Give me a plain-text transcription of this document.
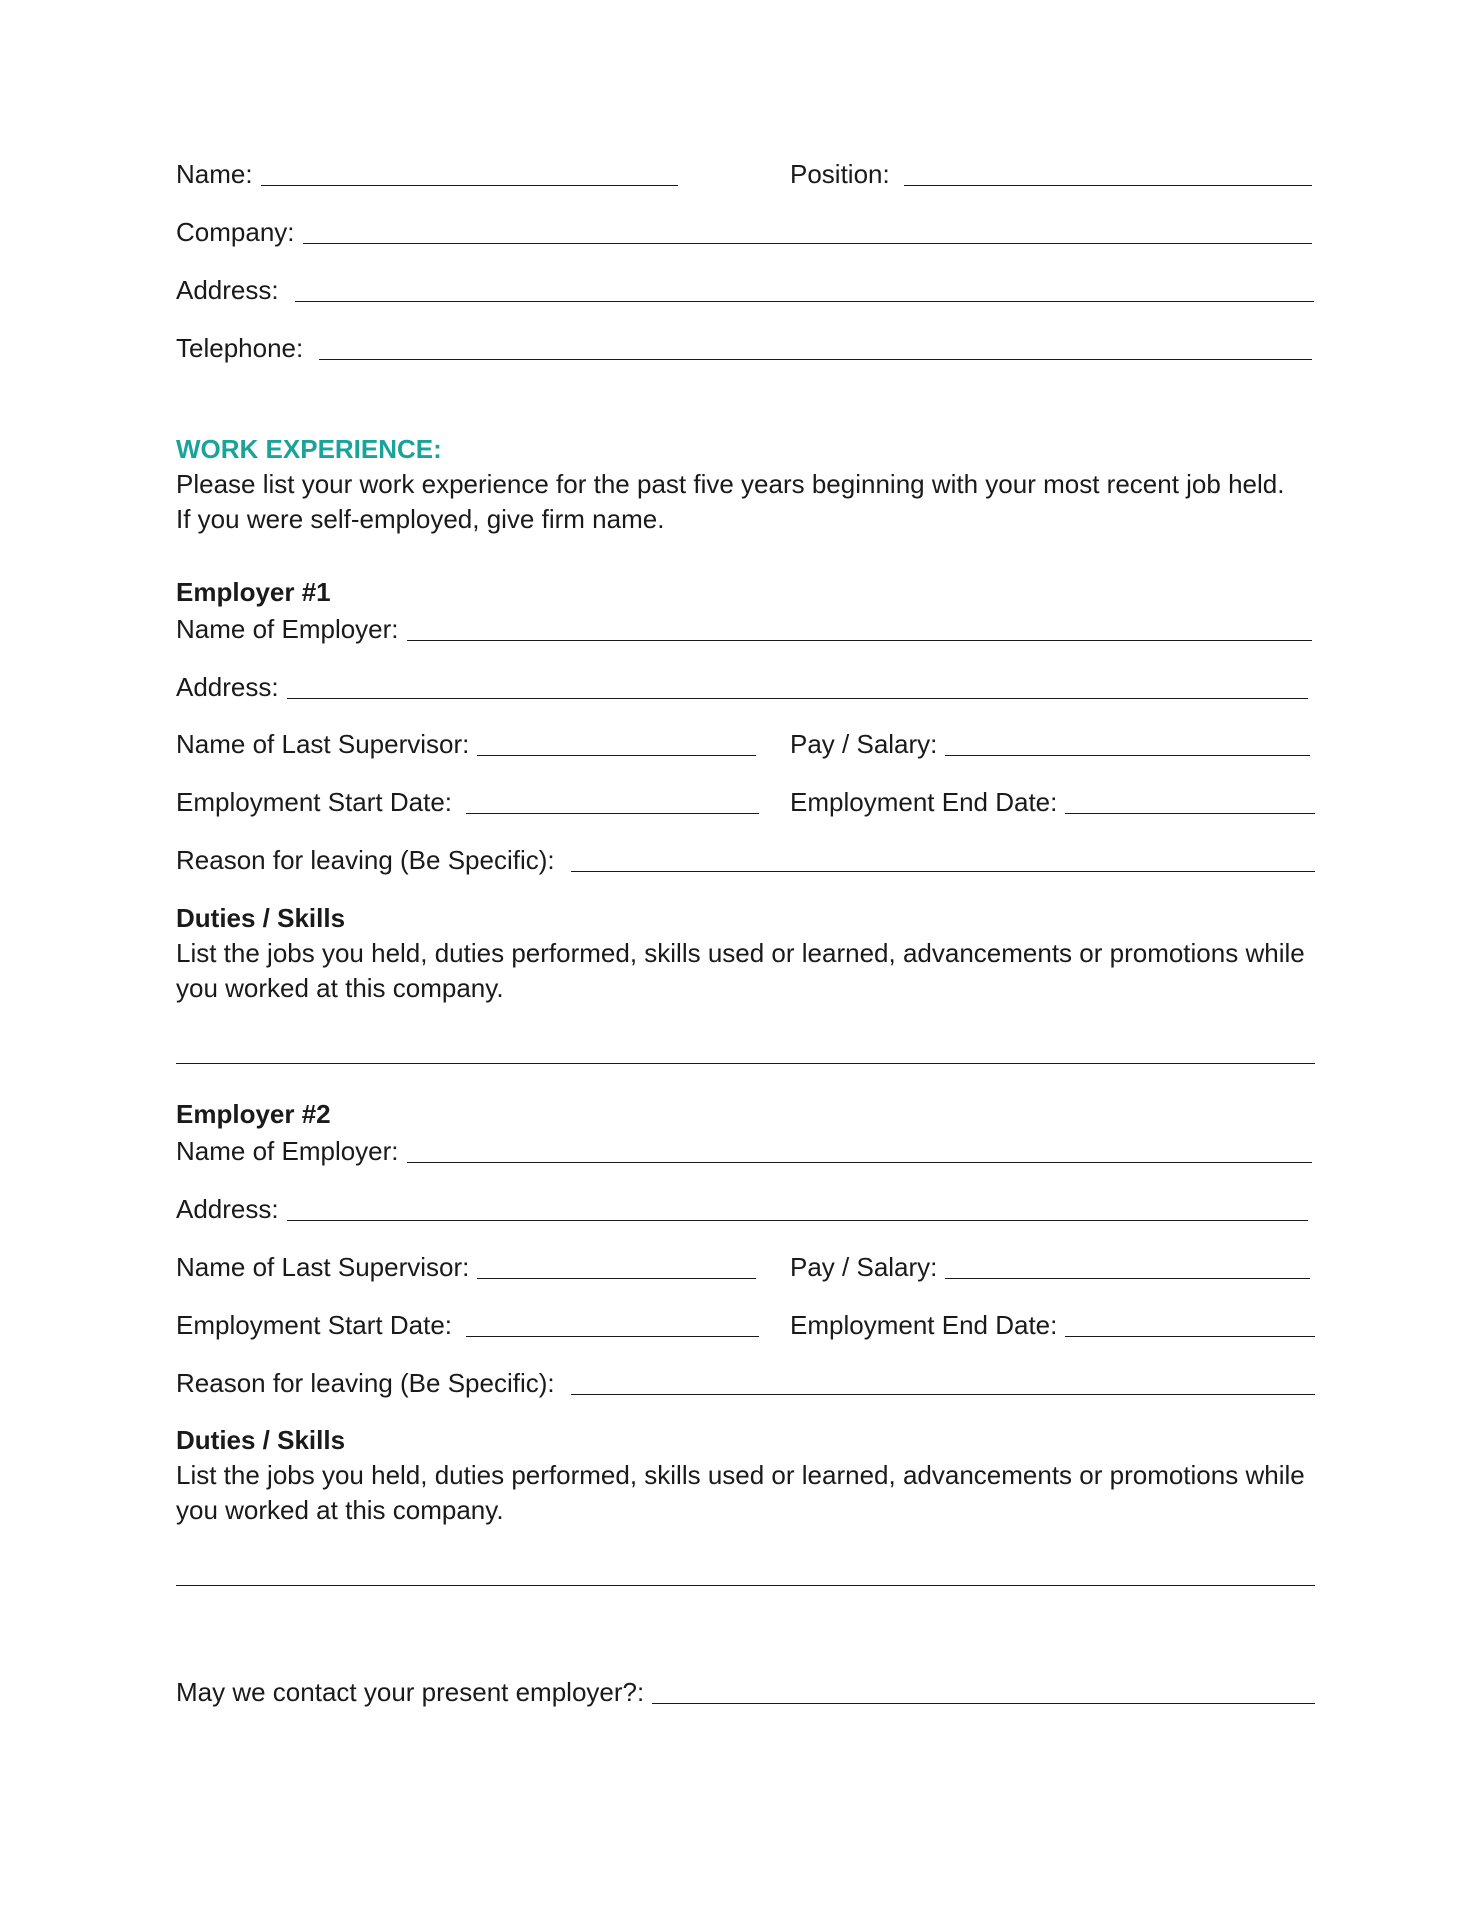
Name:	Position:
Company:
Address:
Telephone:
WORK EXPERIENCE:

Please list your work experience for the past five years beginning with your most recent job held. If you were self-employed, give firm name.

Employer #1
Name of Employer:
Address:
Name of Last Supervisor:	Pay / Salary:
Employment Start Date:	Employment End Date:
Reason for leaving (Be Specific):
Duties / Skills

List the jobs you held, duties performed, skills used or learned, advancements or promotions while you worked at this company.

Employer #2
Name of Employer:
Address:
Name of Last Supervisor:	Pay / Salary:
Employment Start Date:	Employment End Date:
Reason for leaving (Be Specific):
Duties / Skills

List the jobs you held, duties performed, skills used or learned, advancements or promotions while you worked at this company.

May we contact your present employer?:
